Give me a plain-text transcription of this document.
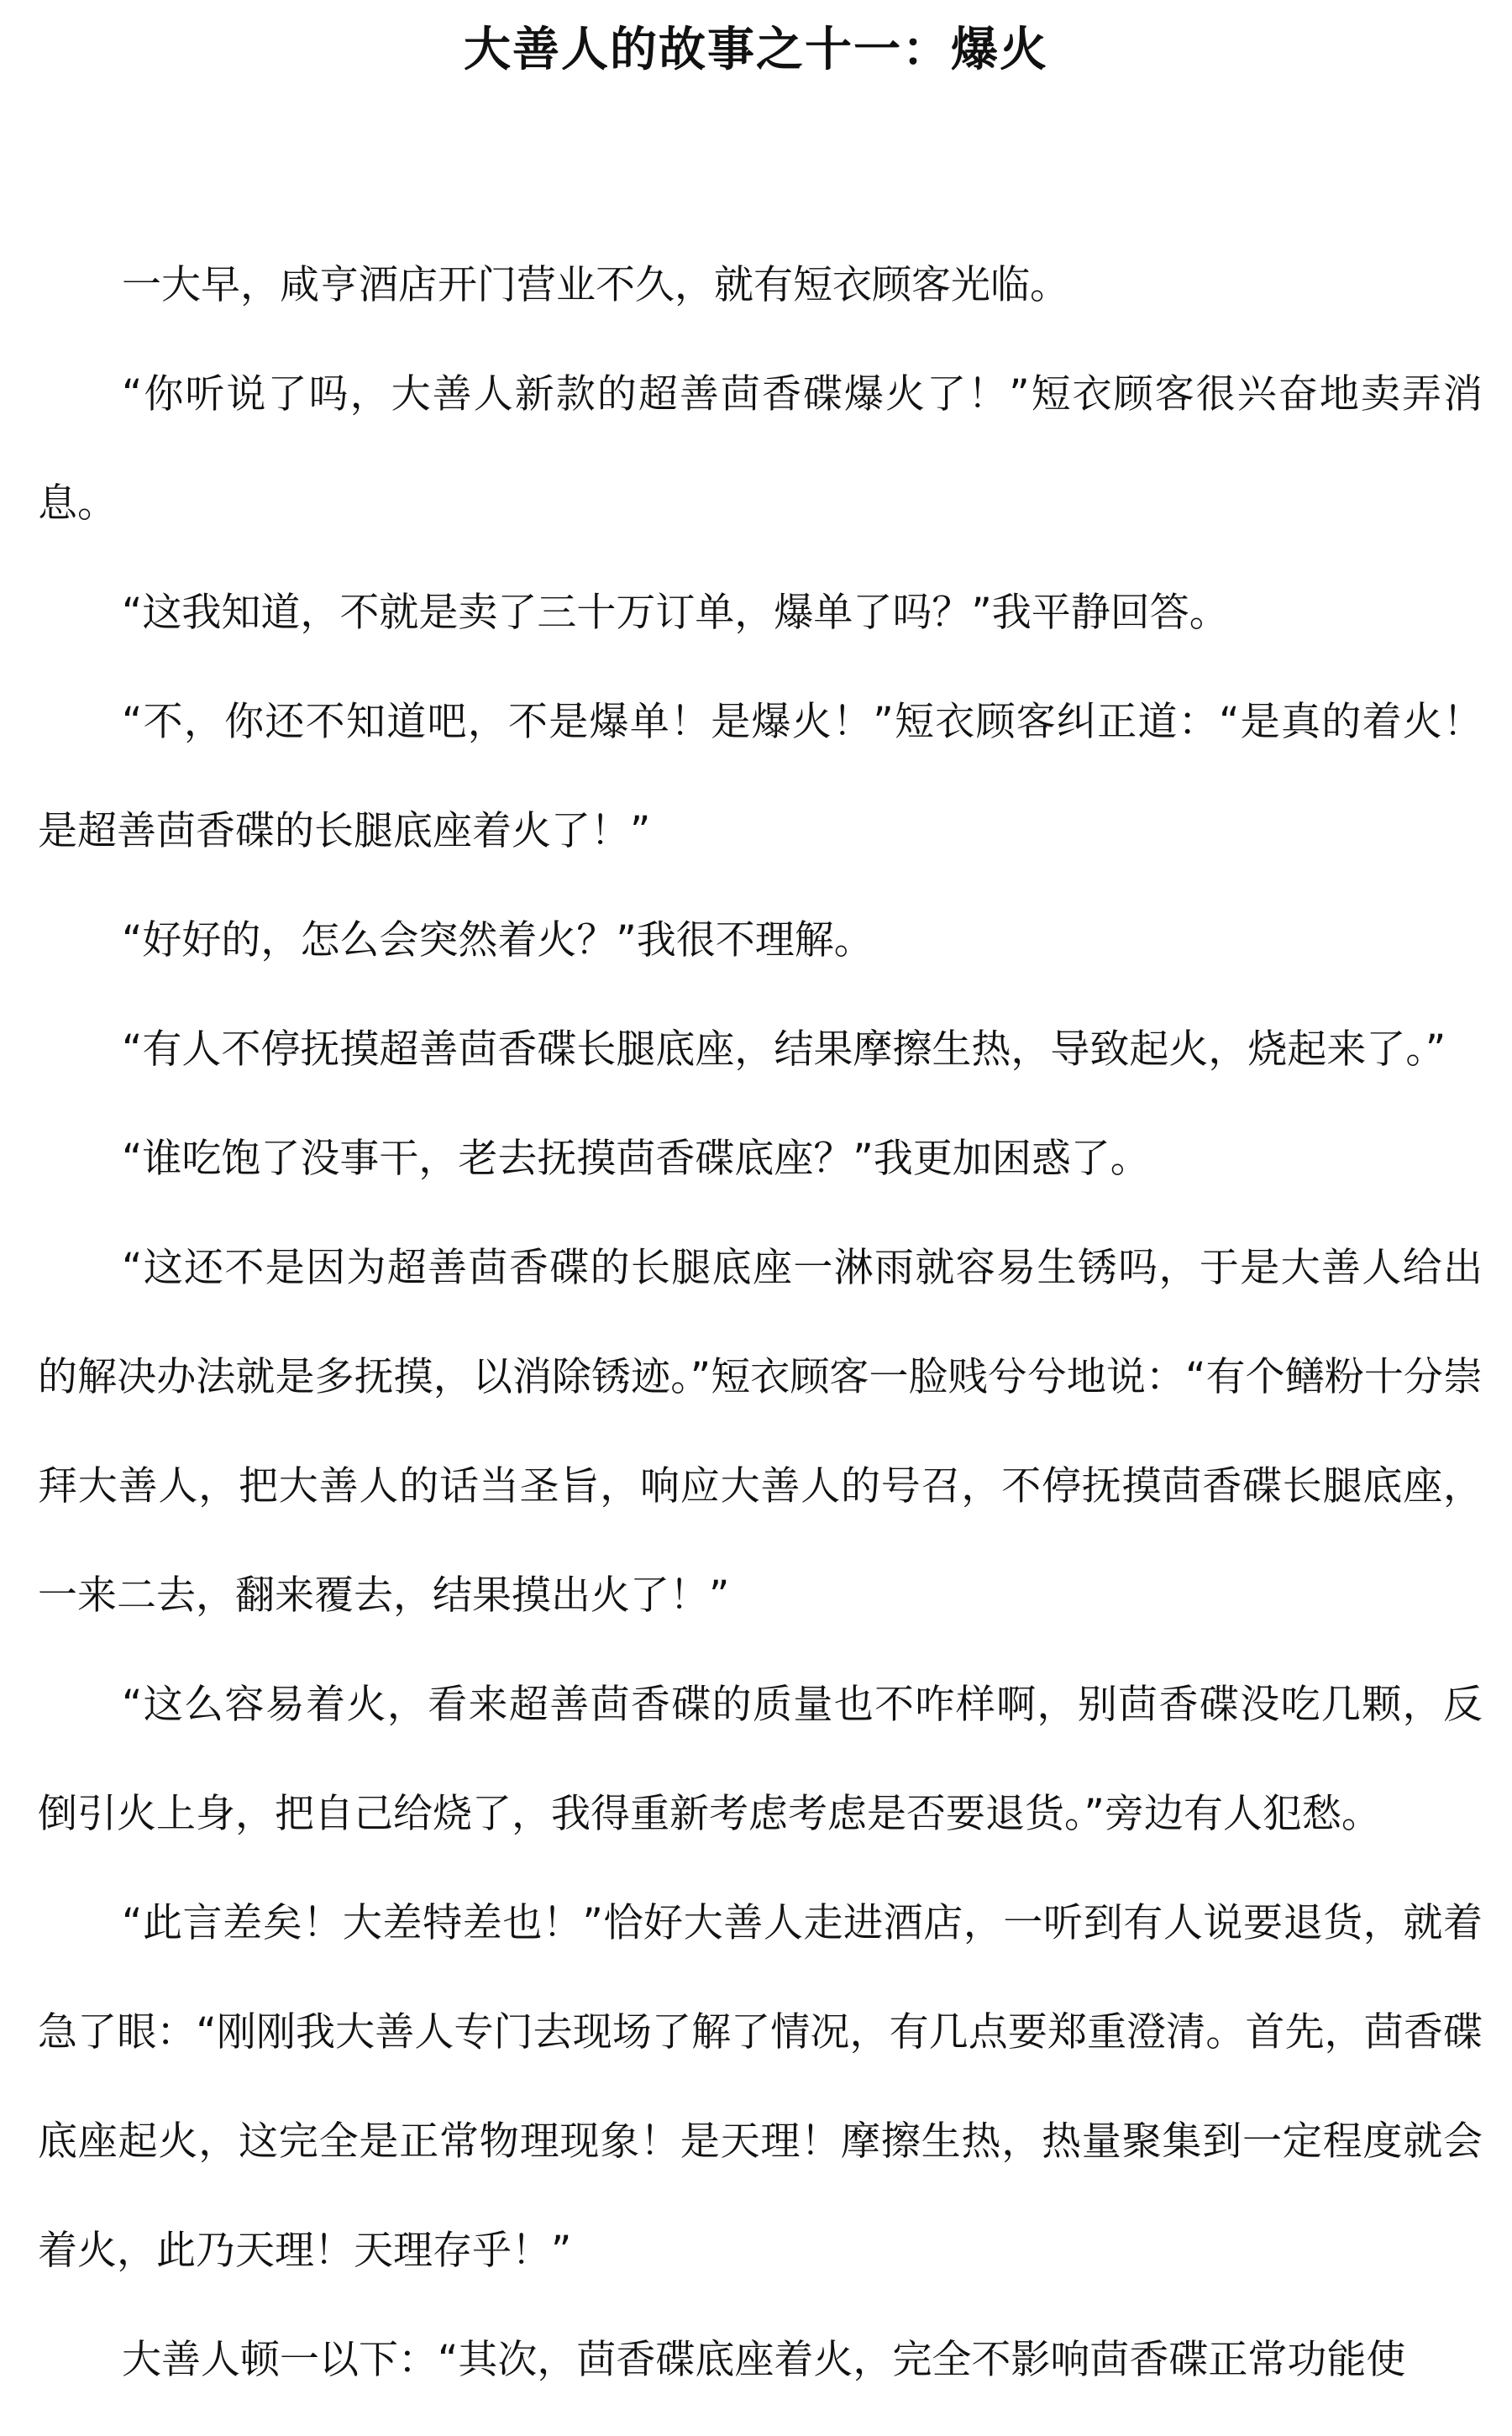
大善人的故事之十一：爆火

一大早，咸亨酒店开门营业不久，就有短衣顾客光临。

“你听说了吗，大善人新款的超善茴香碟爆火了！”短衣顾客很兴奋地卖弄消息。

“这我知道，不就是卖了三十万订单，爆单了吗？”我平静回答。

“不，你还不知道吧，不是爆单！是爆火！”短衣顾客纠正道：“是真的着火！是超善茴香碟的长腿底座着火了！”

“好好的，怎么会突然着火？”我很不理解。

“有人不停抚摸超善茴香碟长腿底座，结果摩擦生热，导致起火，烧起来了。”

“谁吃饱了没事干，老去抚摸茴香碟底座？”我更加困惑了。

“这还不是因为超善茴香碟的长腿底座一淋雨就容易生锈吗，于是大善人给出的解决办法就是多抚摸，以消除锈迹。”短衣顾客一脸贱兮兮地说：“有个鳝粉十分崇拜大善人，把大善人的话当圣旨，响应大善人的号召，不停抚摸茴香碟长腿底座，一来二去，翻来覆去，结果摸出火了！”

“这么容易着火，看来超善茴香碟的质量也不咋样啊，别茴香碟没吃几颗，反倒引火上身，把自己给烧了，我得重新考虑考虑是否要退货。”旁边有人犯愁。

“此言差矣！大差特差也！”恰好大善人走进酒店，一听到有人说要退货，就着急了眼：“刚刚我大善人专门去现场了解了情况，有几点要郑重澄清。首先，茴香碟底座起火，这完全是正常物理现象！是天理！摩擦生热，热量聚集到一定程度就会着火，此乃天理！天理存乎！”

大善人顿一以下：“其次，茴香碟底座着火，完全不影响茴香碟正常功能使
